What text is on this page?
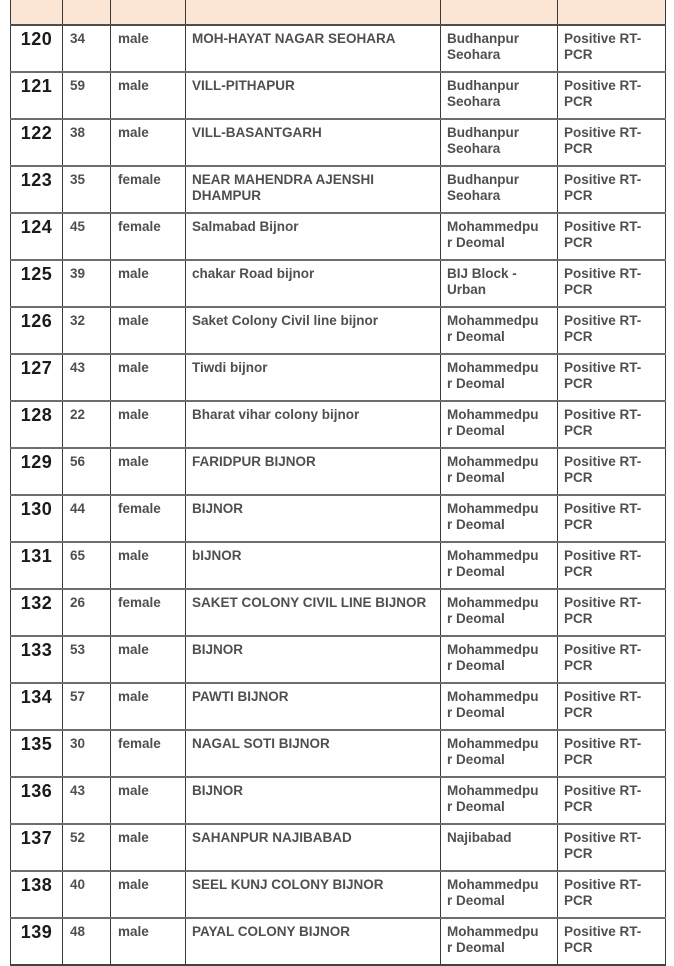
120	34	male	MOH-HAYAT NAGAR SEOHARA	Budhanpur Seohara	Positive RT-PCR
121	59	male	VILL-PITHAPUR	Budhanpur Seohara	Positive RT-PCR
122	38	male	VILL-BASANTGARH	Budhanpur Seohara	Positive RT-PCR
123	35	female	NEAR MAHENDRA AJENSHI DHAMPUR	Budhanpur Seohara	Positive RT-PCR
124	45	female	Salmabad Bijnor	Mohammedpur Deomal	Positive RT-PCR
125	39	male	chakar Road bijnor	BIJ Block - Urban	Positive RT-PCR
126	32	male	Saket Colony Civil line bijnor	Mohammedpur Deomal	Positive RT-PCR
127	43	male	Tiwdi bijnor	Mohammedpur Deomal	Positive RT-PCR
128	22	male	Bharat vihar colony bijnor	Mohammedpur Deomal	Positive RT-PCR
129	56	male	FARIDPUR BIJNOR	Mohammedpur Deomal	Positive RT-PCR
130	44	female	BIJNOR	Mohammedpur Deomal	Positive RT-PCR
131	65	male	bIJNOR	Mohammedpur Deomal	Positive RT-PCR
132	26	female	SAKET COLONY CIVIL LINE BIJNOR	Mohammedpur Deomal	Positive RT-PCR
133	53	male	BIJNOR	Mohammedpur Deomal	Positive RT-PCR
134	57	male	PAWTI BIJNOR	Mohammedpur Deomal	Positive RT-PCR
135	30	female	NAGAL SOTI BIJNOR	Mohammedpur Deomal	Positive RT-PCR
136	43	male	BIJNOR	Mohammedpur Deomal	Positive RT-PCR
137	52	male	SAHANPUR NAJIBABAD	Najibabad	Positive RT-PCR
138	40	male	SEEL KUNJ COLONY BIJNOR	Mohammedpur Deomal	Positive RT-PCR
139	48	male	PAYAL COLONY BIJNOR	Mohammedpur Deomal	Positive RT-PCR
